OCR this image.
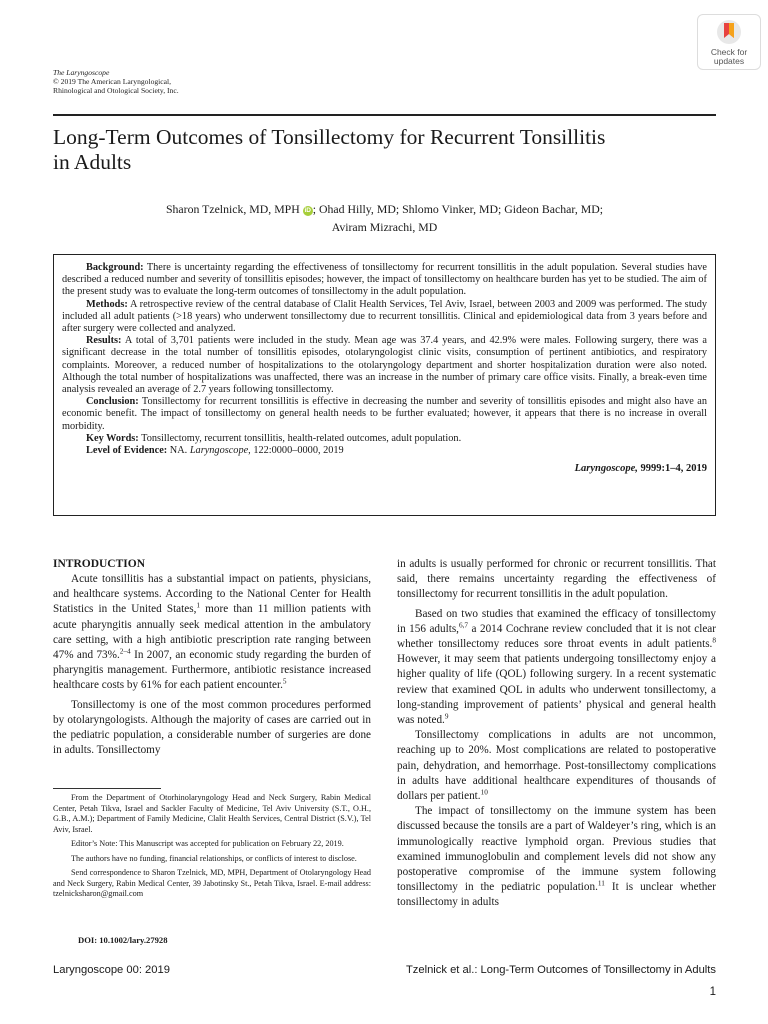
The Laryngoscope
© 2019 The American Laryngological,
Rhinological and Otological Society, Inc.
Check for
updates
Long-Term Outcomes of Tonsillectomy for Recurrent Tonsillitis
in Adults
Sharon Tzelnick, MD, MPH iD ; Ohad Hilly, MD; Shlomo Vinker, MD; Gideon Bachar, MD;
Aviram Mizrachi, MD

Background: There is uncertainty regarding the effectiveness of tonsillectomy for recurrent tonsillitis in the adult population. Several studies have described a reduced number and severity of tonsillitis episodes; however, the impact of tonsillectomy on healthcare burden has yet to be studied. The aim of the present study was to evaluate the long-term outcomes of tonsillectomy in the adult population.

Methods: A retrospective review of the central database of Clalit Health Services, Tel Aviv, Israel, between 2003 and 2009 was performed. The study included all adult patients (>18 years) who underwent tonsillectomy due to recurrent tonsillitis. Clinical and epidemiological data from 3 years before and after surgery were collected and analyzed.

Results: A total of 3,701 patients were included in the study. Mean age was 37.4 years, and 42.9% were males. Following surgery, there was a significant decrease in the total number of tonsillitis episodes, otolaryngologist clinic visits, consumption of pertinent antibiotics, and respiratory complaints. Moreover, a reduced number of hospitalizations to the otolaryngology department and shorter hospitalization duration were also noted. Although the total number of hospitalizations was unaffected, there was an increase in the number of primary care office visits. Finally, a break-even time analysis revealed an average of 2.7 years following tonsillectomy.

Conclusion: Tonsillectomy for recurrent tonsillitis is effective in decreasing the number and severity of tonsillitis episodes and might also have an economic benefit. The impact of tonsillectomy on general health needs to be further evaluated; however, it appears that there is no increase in overall morbidity.

Key Words: Tonsillectomy, recurrent tonsillitis, health-related outcomes, adult population.

Level of Evidence: NA. Laryngoscope, 122:0000–0000, 2019

Laryngoscope, 9999:1–4, 2019

INTRODUCTION

Acute tonsillitis has a substantial impact on patients, physicians, and healthcare systems. According to the National Center for Health Statistics in the United States,$^1$ more than 11 million patients with acute pharyngitis annually seek medical attention in the ambulatory care setting, with a high antibiotic prescription rate ranging between 47% and 73%.$^{2-4}$ In 2007, an economic study regarding the burden of pharyngitis management. Furthermore, antibiotic resistance increased healthcare costs by 61% for each patient encounter.$^5$

Tonsillectomy is one of the most common procedures performed by otolaryngologists. Although the majority of cases are carried out in the pediatric population, a considerable number of surgeries are done in adults. Tonsillectomy

From the Department of Otorhinolaryngology Head and Neck Surgery, Rabin Medical Center, Petah Tikva, Israel and Sackler Faculty of Medicine, Tel Aviv University (S.T., O.H., G.B., A.M.); Department of Family Medicine, Clalit Health Services, Central District (S.V.), Tel Aviv, Israel.

Editor’s Note: This Manuscript was accepted for publication on February 22, 2019.

The authors have no funding, financial relationships, or conflicts of interest to disclose.

Send correspondence to Sharon Tzelnick, MD, MPH, Department of Otolaryngology Head and Neck Surgery, Rabin Medical Center, 39 Jabotinsky St., Petah Tikva, Israel. E-mail address: tzelnicksharon@gmail.com

DOI: 10.1002/lary.27928

in adults is usually performed for chronic or recurrent tonsillitis. That said, there remains uncertainty regarding the effectiveness of tonsillectomy for recurrent tonsillitis in the adult population.

Based on two studies that examined the efficacy of tonsillectomy in 156 adults,$^{6,7}$ a 2014 Cochrane review concluded that it is not clear whether tonsillectomy reduces sore throat events in adult patients.$^8$ However, it may seem that patients undergoing tonsillectomy enjoy a higher quality of life (QOL) following surgery. In a recent systematic review that examined QOL in adults who underwent tonsillectomy, a long-standing improvement of patients’ physical and general health was noted.$^9$

Tonsillectomy complications in adults are not uncommon, reaching up to 20%. Most complications are related to postoperative pain, dehydration, and hemorrhage. Post-tonsillectomy complications in adults have additional healthcare expenditures of thousands of dollars per patient.$^{10}$

The impact of tonsillectomy on the immune system has been discussed because the tonsils are a part of Waldeyer’s ring, which is an immunologically reactive lymphoid organ. Previous studies that examined immunoglobulin and complement levels did not show any postoperative compromise of the immune system following tonsillectomy in the pediatric population.$^{11}$ It is unclear whether tonsillectomy in adults

Laryngoscope 00: 2019	Tzelnick et al.: Long-Term Outcomes of Tonsillectomy in Adults
1
